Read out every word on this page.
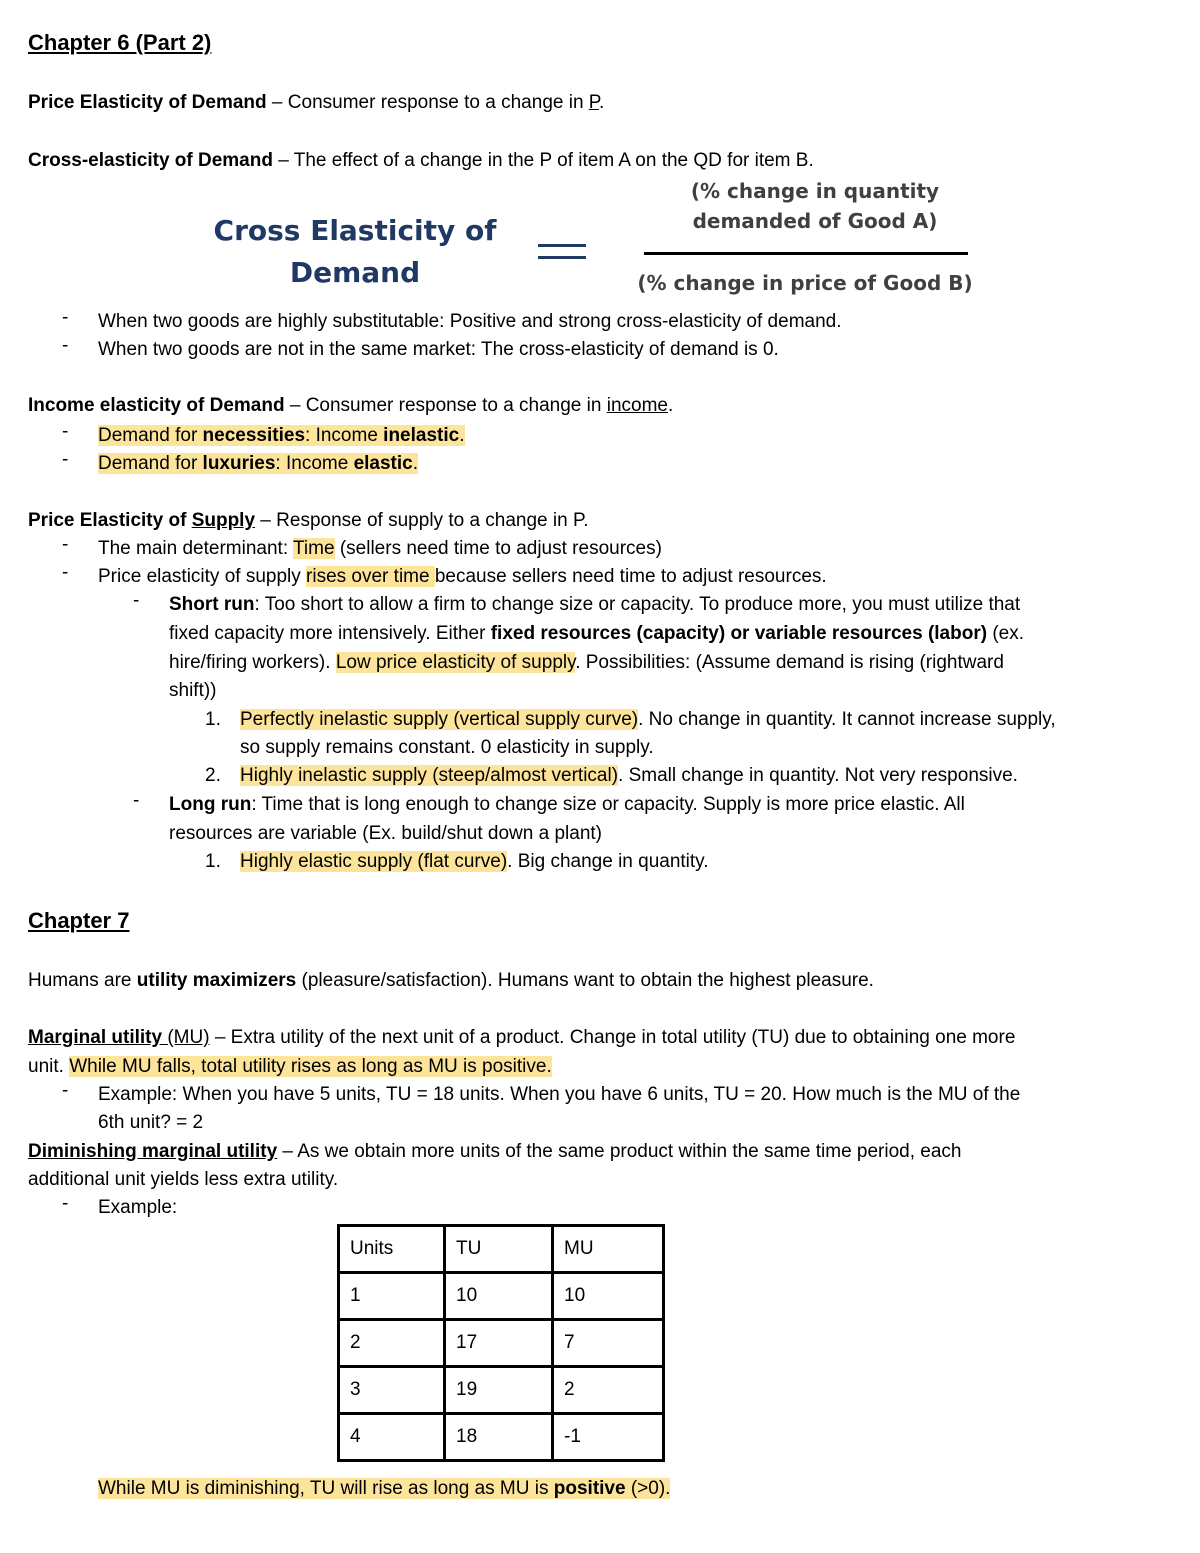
Chapter 6 (Part 2)
Price Elasticity of Demand – Consumer response to a change in P.
Cross-elasticity of Demand – The effect of a change in the P of item A on the QD for item B.
Cross Elasticity of
Demand
(% change in quantity
demanded of Good A)
(% change in price of Good B)
- When two goods are highly substitutable: Positive and strong cross-elasticity of demand.
- When two goods are not in the same market: The cross-elasticity of demand is 0.
Income elasticity of Demand – Consumer response to a change in income.
- Demand for necessities: Income inelastic.
- Demand for luxuries: Income elastic.
Price Elasticity of Supply – Response of supply to a change in P.
- The main determinant: Time (sellers need time to adjust resources)
- Price elasticity of supply rises over time because sellers need time to adjust resources.
- Short run: Too short to allow a firm to change size or capacity. To produce more, you must utilize that
fixed capacity more intensively. Either fixed resources (capacity) or variable resources (labor) (ex.
hire/firing workers). Low price elasticity of supply. Possibilities: (Assume demand is rising (rightward
shift))
1. Perfectly inelastic supply (vertical supply curve). No change in quantity. It cannot increase supply,
so supply remains constant. 0 elasticity in supply.
2. Highly inelastic supply (steep/almost vertical). Small change in quantity. Not very responsive.
- Long run: Time that is long enough to change size or capacity. Supply is more price elastic. All
resources are variable (Ex. build/shut down a plant)
1. Highly elastic supply (flat curve). Big change in quantity.
Chapter 7
Humans are utility maximizers (pleasure/satisfaction). Humans want to obtain the highest pleasure.
Marginal utility (MU) – Extra utility of the next unit of a product. Change in total utility (TU) due to obtaining one more
unit. While MU falls, total utility rises as long as MU is positive.
- Example: When you have 5 units, TU = 18 units. When you have 6 units, TU = 20. How much is the MU of the
6th unit? = 2
Diminishing marginal utility – As we obtain more units of the same product within the same time period, each
additional unit yields less extra utility.
- Example:
Units	TU	MU
1	10	10
2	17	7
3	19	2
4	18	-1
While MU is diminishing, TU will rise as long as MU is positive (>0).
